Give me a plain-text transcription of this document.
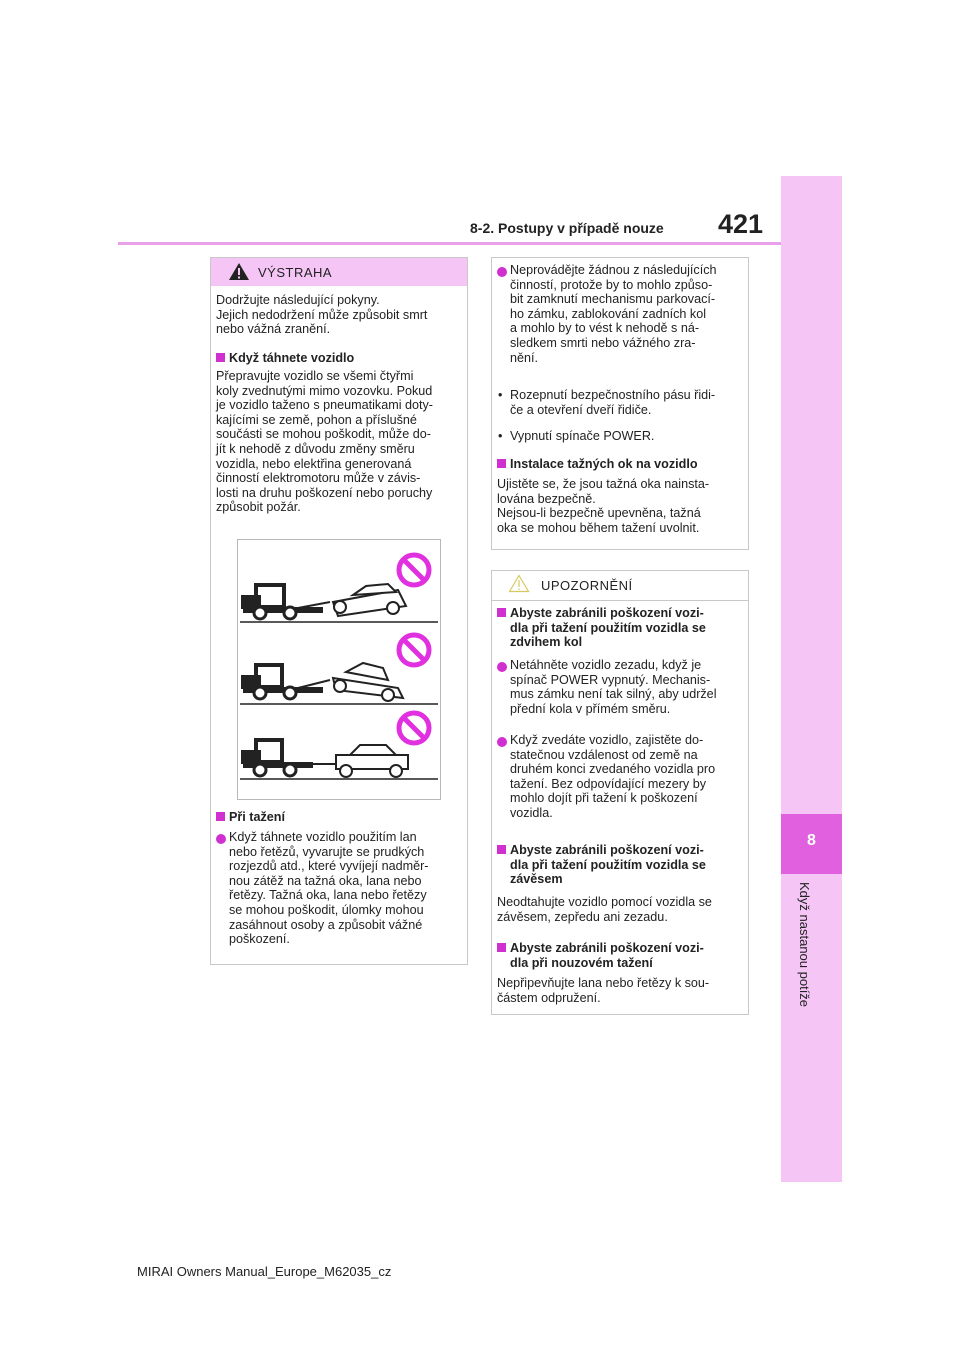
8-2. Postupy v případě nouze	421
8
Když nastanou potíže
VÝSTRAHA
Dodržujte následující pokyny.
Jejich nedodržení může způsobit smrt
nebo vážná zranění.
Když táhnete vozidlo
Přepravujte vozidlo se všemi čtyřmi
koly zvednutými mimo vozovku. Pokud
je vozidlo taženo s pneumatikami doty-
kajícími se země, pohon a příslušné
součásti se mohou poškodit, může do-
jít k nehodě z důvodu změny směru
vozidla, nebo elektřina generovaná
činností elektromotoru může v závis-
losti na druhu poškození nebo poruchy
způsobit požár.
Při tažení
Když táhnete vozidlo použitím lan
nebo řetězů, vyvarujte se prudkých
rozjezdů atd., které vyvíjejí nadměr-
nou zátěž na tažná oka, lana nebo
řetězy. Tažná oka, lana nebo řetězy
se mohou poškodit, úlomky mohou
zasáhnout osoby a způsobit vážné
poškození.
Neprovádějte žádnou z následujících
činností, protože by to mohlo způso-
bit zamknutí mechanismu parkovací-
ho zámku, zablokování zadních kol
a mohlo by to vést k nehodě s ná-
sledkem smrti nebo vážného zra-
nění.
• Rozepnutí bezpečnostního pásu řidi-
če a otevření dveří řidiče.
• Vypnutí spínače POWER.
Instalace tažných ok na vozidlo
Ujistěte se, že jsou tažná oka nainsta-
lována bezpečně.
Nejsou-li bezpečně upevněna, tažná
oka se mohou během tažení uvolnit.
UPOZORNĚNÍ
Abyste zabránili poškození vozi-
dla při tažení použitím vozidla se
zdvihem kol
Netáhněte vozidlo zezadu, když je
spínač POWER vypnutý. Mechanis-
mus zámku není tak silný, aby udržel
přední kola v přímém směru.
Když zvedáte vozidlo, zajistěte do-
statečnou vzdálenost od země na
druhém konci zvedaného vozidla pro
tažení. Bez odpovídající mezery by
mohlo dojít při tažení k poškození
vozidla.
Abyste zabránili poškození vozi-
dla při tažení použitím vozidla se
závěsem
Neodtahujte vozidlo pomocí vozidla se
závěsem, zepředu ani zezadu.
Abyste zabránili poškození vozi-
dla při nouzovém tažení
Nepřipevňujte lana nebo řetězy k sou-
částem odpružení.
MIRAI Owners Manual_Europe_M62035_cz
